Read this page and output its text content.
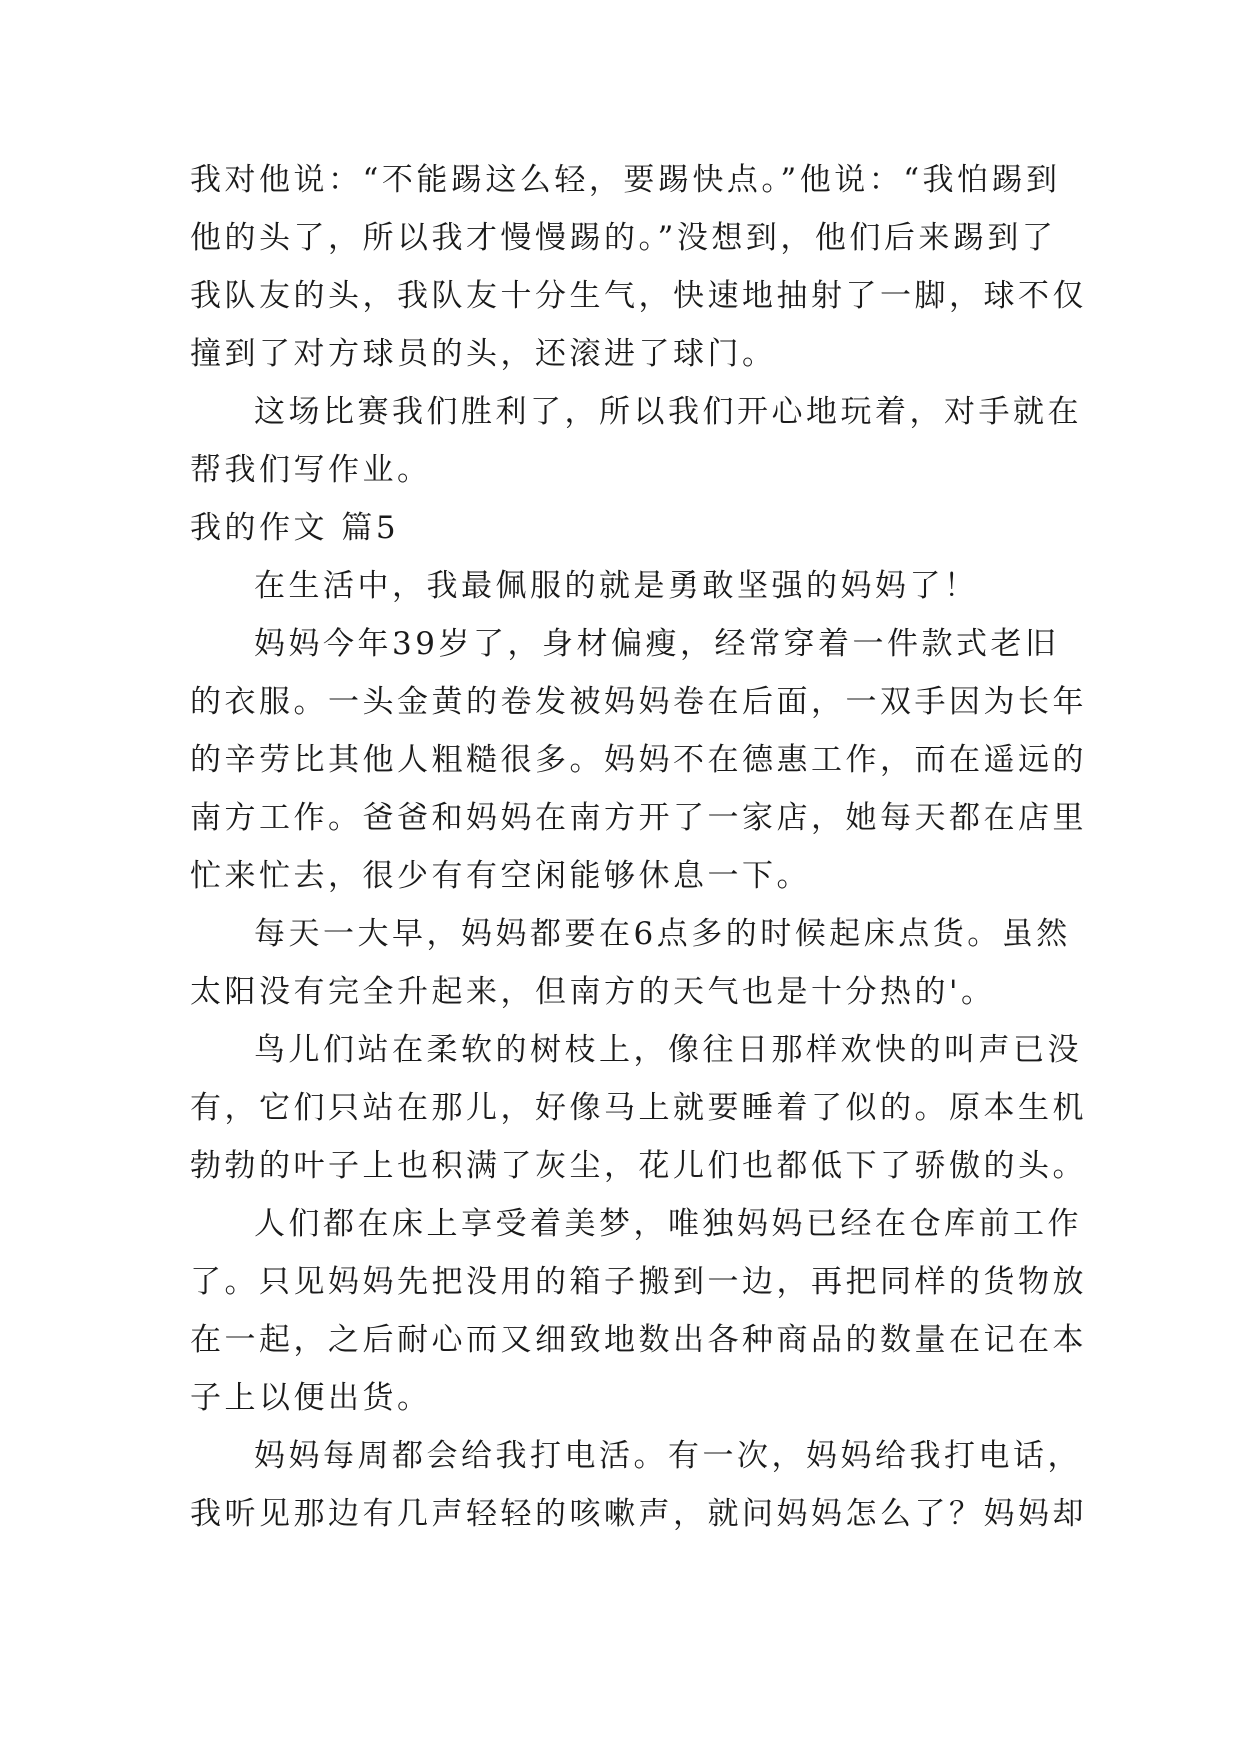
我对他说：“不能踢这么轻，要踢快点。”他说：“我怕踢到
他的头了，所以我才慢慢踢的。”没想到，他们后来踢到了
我队友的头，我队友十分生气，快速地抽射了一脚，球不仅
撞到了对方球员的头，还滚进了球门。
这场比赛我们胜利了，所以我们开心地玩着，对手就在
帮我们写作业。
我的作文 篇5
在生活中，我最佩服的就是勇敢坚强的妈妈了！
妈妈今年39岁了，身材偏瘦，经常穿着一件款式老旧
的衣服。一头金黄的卷发被妈妈卷在后面，一双手因为长年
的辛劳比其他人粗糙很多。妈妈不在德惠工作，而在遥远的
南方工作。爸爸和妈妈在南方开了一家店，她每天都在店里
忙来忙去，很少有有空闲能够休息一下。
每天一大早，妈妈都要在6点多的时候起床点货。虽然
太阳没有完全升起来，但南方的天气也是十分热的'。
鸟儿们站在柔软的树枝上，像往日那样欢快的叫声已没
有，它们只站在那儿，好像马上就要睡着了似的。原本生机
勃勃的叶子上也积满了灰尘，花儿们也都低下了骄傲的头。
人们都在床上享受着美梦，唯独妈妈已经在仓库前工作
了。只见妈妈先把没用的箱子搬到一边，再把同样的货物放
在一起，之后耐心而又细致地数出各种商品的数量在记在本
子上以便出货。
妈妈每周都会给我打电活。有一次，妈妈给我打电话，
我听见那边有几声轻轻的咳嗽声，就问妈妈怎么了？妈妈却
